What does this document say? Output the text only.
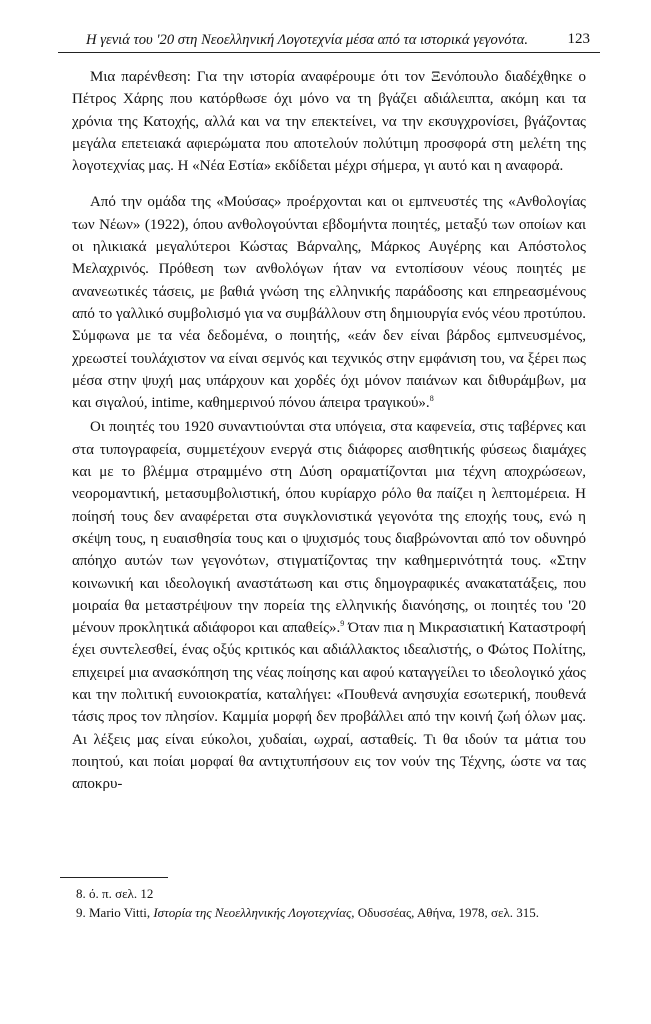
Η γενιά του '20 στη Νεοελληνική Λογοτεχνία μέσα από τα ιστορικά γεγονότα.	123

Μια παρένθεση: Για την ιστορία αναφέρουμε ότι τον Ξενόπουλο διαδέχθηκε ο Πέτρος Χάρης που κατόρθωσε όχι μόνο να τη βγάζει αδιάλειπτα, ακόμη και τα χρόνια της Κατοχής, αλλά και να την επεκτείνει, να την εκσυγχρονίσει, βγάζοντας μεγάλα επετειακά αφιερώματα που αποτελούν πολύτιμη προσφορά στη μελέτη της λογοτεχνίας μας. Η «Νέα Εστία» εκδίδεται μέχρι σήμερα, γι αυτό και η αναφορά.

Από την ομάδα της «Μούσας» προέρχονται και οι εμπνευστές της «Ανθολογίας των Νέων» (1922), όπου ανθολογούνται εβδομήντα ποιητές, μεταξύ των οποίων και οι ηλικιακά μεγαλύτεροι Κώστας Βάρναλης, Μάρκος Αυγέρης και Απόστολος Μελαχρινός. Πρόθεση των ανθολόγων ήταν να εντοπίσουν νέους ποιητές με ανανεωτικές τάσεις, με βαθιά γνώση της ελληνικής παράδοσης και επηρεασμένους από το γαλλικό συμβολισμό για να συμβάλλουν στη δημιουργία ενός νέου προτύπου. Σύμφωνα με τα νέα δεδομένα, ο ποιητής, «εάν δεν είναι βάρδος εμπνευσμένος, χρεωστεί τουλάχιστον να είναι σεμνός και τεχνικός στην εμφάνιση του, να ξέρει πως μέσα στην ψυχή μας υπάρχουν και χορδές όχι μόνον παιάνων και διθυράμβων, μα και σιγαλού, intime, καθημερινού πόνου άπειρα τραγικού».$^8$

Οι ποιητές του 1920 συναντιούνται στα υπόγεια, στα καφενεία, στις ταβέρνες και στα τυπογραφεία, συμμετέχουν ενεργά στις διάφορες αισθητικής φύσεως διαμάχες και με το βλέμμα στραμμένο στη Δύση οραματίζονται μια τέχνη αποχρώσεων, νεορομαντική, μετασυμβολιστική, όπου κυρίαρχο ρόλο θα παίζει η λεπτομέρεια. Η ποίησή τους δεν αναφέρεται στα συγκλονιστικά γεγονότα της εποχής τους, ενώ η σκέψη τους, η ευαισθησία τους και ο ψυχισμός τους διαβρώνονται από τον οδυνηρό απόηχο αυτών των γεγονότων, στιγματίζοντας την καθημερινότητά τους. «Στην κοινωνική και ιδεολογική αναστάτωση και στις δημογραφικές ανακατατάξεις, που μοιραία θα μεταστρέψουν την πορεία της ελληνικής διανόησης, οι ποιητές του '20 μένουν προκλητικά αδιάφοροι και απαθείς».$^9$ Όταν πια η Μικρασιατική Καταστροφή έχει συντελεσθεί, ένας οξύς κριτικός και αδιάλλακτος ιδεαλιστής, ο Φώτος Πολίτης, επιχειρεί μια ανασκόπηση της νέας ποίησης και αφού καταγγείλει το ιδεολογικό χάος και την πολιτική ευνοιοκρατία, καταλήγει: «Πουθενά ανησυχία εσωτερική, πουθενά τάσις προς τον πλησίον. Καμμία μορφή δεν προβάλλει από την κοινή ζωή όλων μας. Αι λέξεις μας είναι εύκολοι, χυδαίαι, ωχραί, ασταθείς. Τι θα ιδούν τα μάτια του ποιητού, και ποίαι μορφαί θα αντιχτυπήσουν εις τον νούν της Τέχνης, ώστε να τας αποκρυ-

8. ό. π. σελ. 12

9. Mario Vitti, Ιστορία της Νεοελληνικής Λογοτεχνίας, Οδυσσέας, Αθήνα, 1978, σελ. 315.
